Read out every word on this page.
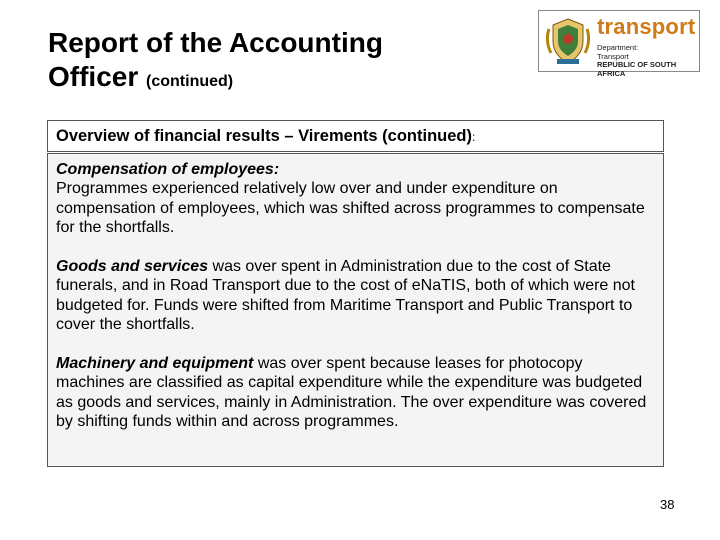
Report of the Accounting
Officer (continued)
transport
Department:
Transport
REPUBLIC OF SOUTH AFRICA
Overview of financial results – Virements (continued):

Compensation of employees:
Programmes experienced relatively low over and under expenditure on compensation of employees, which was shifted across programmes to compensate for the shortfalls.

Goods and services was over spent in Administration due to the cost of State funerals, and in Road Transport due to the cost of eNaTIS, both of which were not budgeted for. Funds were shifted from Maritime Transport and Public Transport to cover the shortfalls.

Machinery and equipment was over spent because leases for photocopy machines are classified as capital expenditure while the expenditure was budgeted as goods and services, mainly in Administration. The over expenditure was covered by shifting funds within and across programmes.

38
